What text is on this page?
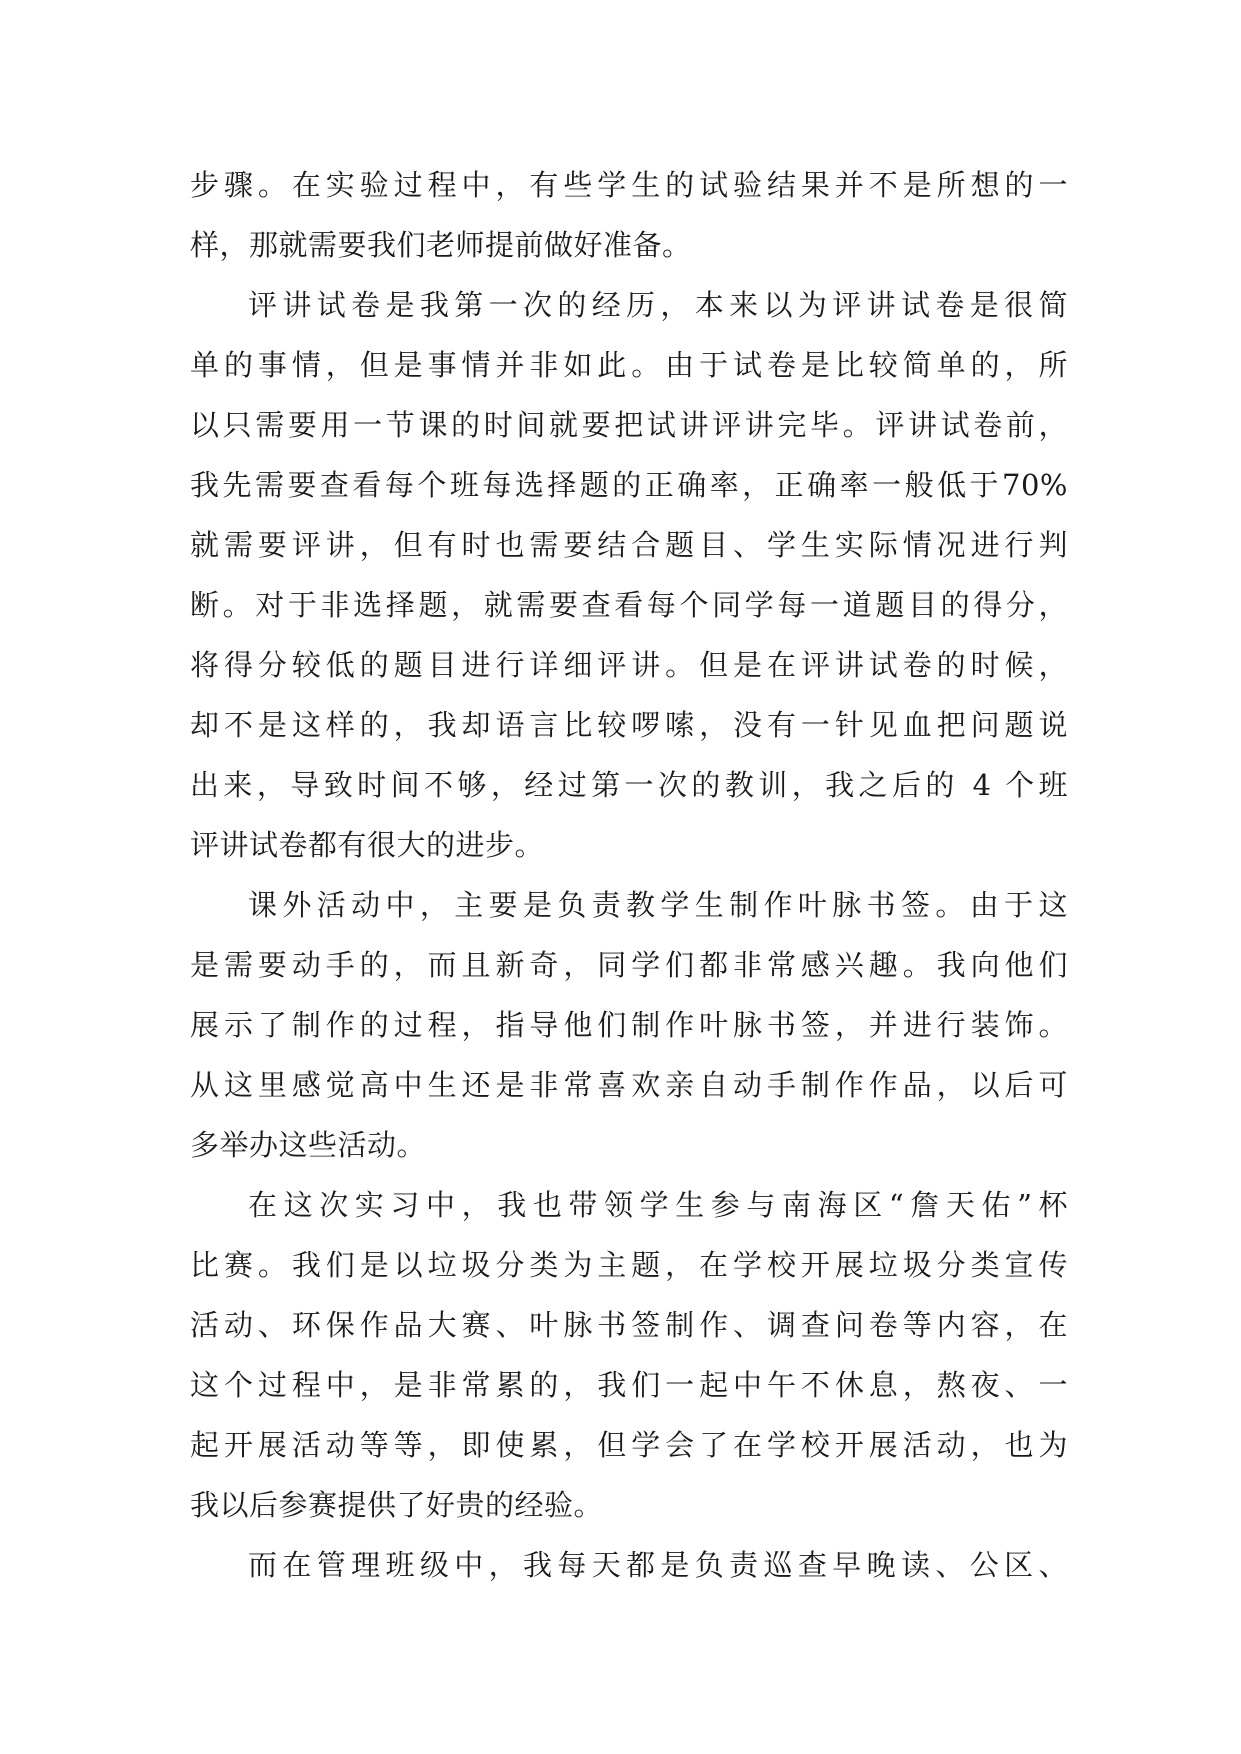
步骤。在实验过程中，有些学生的试验结果并不是所想的一
样，那就需要我们老师提前做好准备。

评讲试卷是我第一次的经历，本来以为评讲试卷是很简
单的事情，但是事情并非如此。由于试卷是比较简单的，所
以只需要用一节课的时间就要把试讲评讲完毕。评讲试卷前，
我先需要查看每个班每选择题的正确率，正确率一般低于70%
就需要评讲，但有时也需要结合题目、学生实际情况进行判
断。对于非选择题，就需要查看每个同学每一道题目的得分，
将得分较低的题目进行详细评讲。但是在评讲试卷的时候，
却不是这样的，我却语言比较啰嗦，没有一针见血把问题说
出来，导致时间不够，经过第一次的教训，我之后的 4 个班
评讲试卷都有很大的进步。

课外活动中，主要是负责教学生制作叶脉书签。由于这
是需要动手的，而且新奇，同学们都非常感兴趣。我向他们
展示了制作的过程，指导他们制作叶脉书签，并进行装饰。
从这里感觉高中生还是非常喜欢亲自动手制作作品，以后可
多举办这些活动。

在这次实习中，我也带领学生参与南海区“詹天佑”杯
比赛。我们是以垃圾分类为主题，在学校开展垃圾分类宣传
活动、环保作品大赛、叶脉书签制作、调查问卷等内容，在
这个过程中，是非常累的，我们一起中午不休息，熬夜、一
起开展活动等等，即使累，但学会了在学校开展活动，也为
我以后参赛提供了好贵的经验。

而在管理班级中，我每天都是负责巡查早晚读、公区、
